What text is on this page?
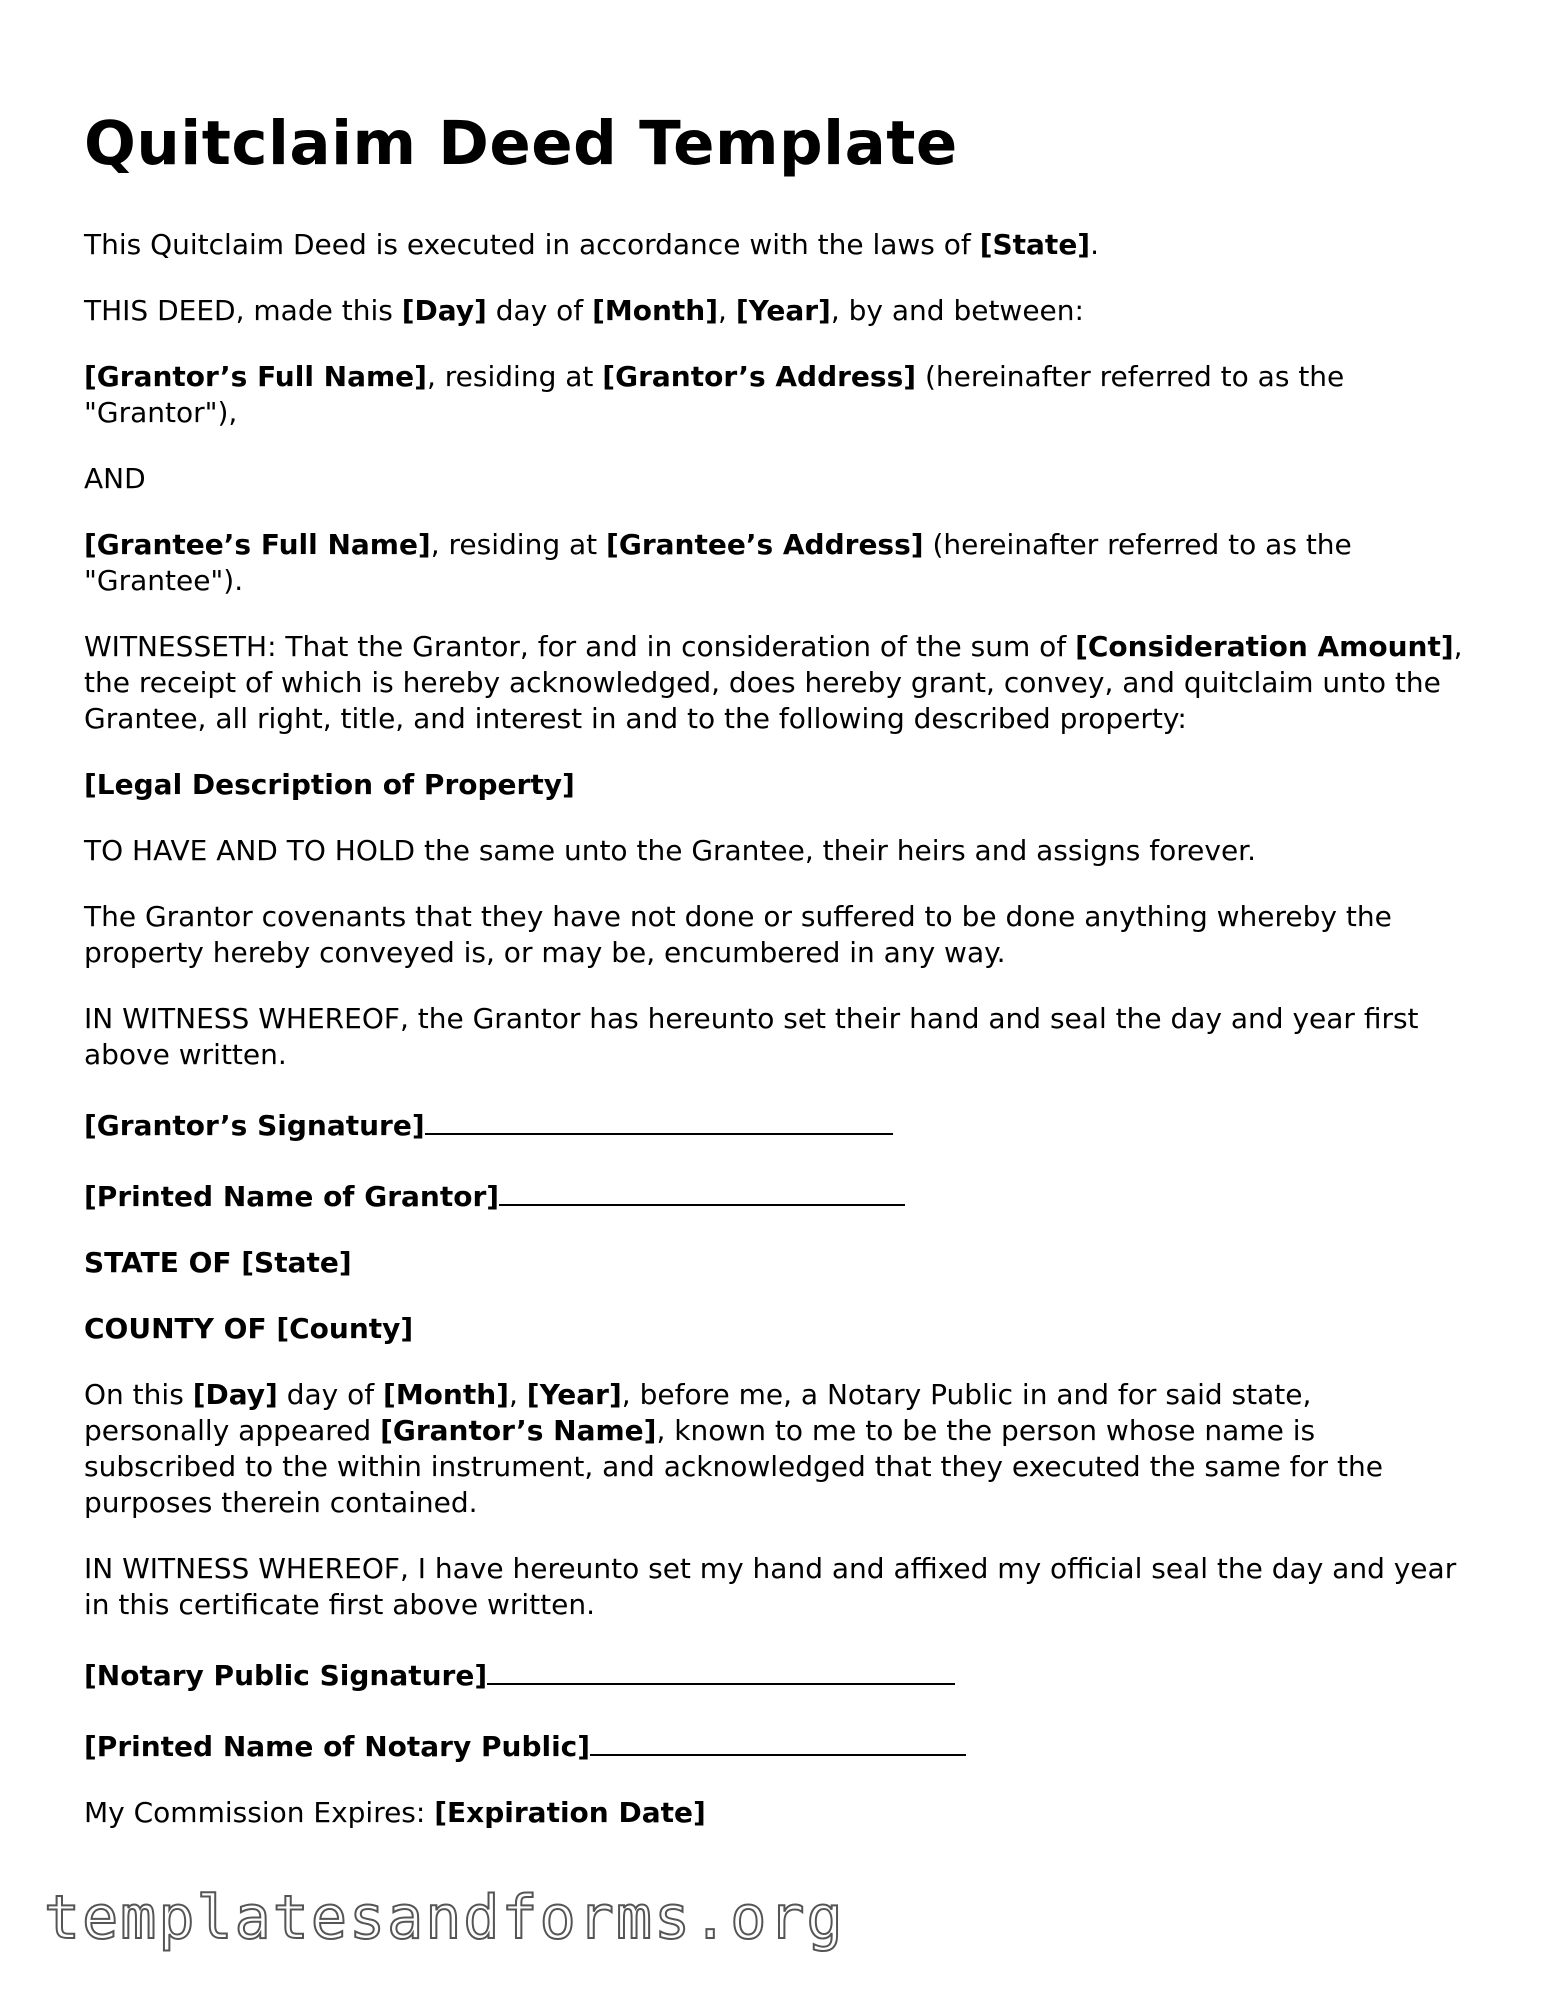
Quitclaim Deed Template

This Quitclaim Deed is executed in accordance with the laws of [State].

THIS DEED, made this [Day] day of [Month], [Year], by and between:

[Grantor’s Full Name], residing at [Grantor’s Address] (hereinafter referred to as the "Grantor"),

AND

[Grantee’s Full Name], residing at [Grantee’s Address] (hereinafter referred to as the "Grantee").

WITNESSETH: That the Grantor, for and in consideration of the sum of [Consideration Amount], the receipt of which is hereby acknowledged, does hereby grant, convey, and quitclaim unto the Grantee, all right, title, and interest in and to the following described property:

[Legal Description of Property]

TO HAVE AND TO HOLD the same unto the Grantee, their heirs and assigns forever.

The Grantor covenants that they have not done or suffered to be done anything whereby the property hereby conveyed is, or may be, encumbered in any way.

IN WITNESS WHEREOF, the Grantor has hereunto set their hand and seal the day and year first above written.

[Grantor’s Signature]

[Printed Name of Grantor]

STATE OF [State]

COUNTY OF [County]

On this [Day] day of [Month], [Year], before me, a Notary Public in and for said state, personally appeared [Grantor’s Name], known to me to be the person whose name is subscribed to the within instrument, and acknowledged that they executed the same for the purposes therein contained.

IN WITNESS WHEREOF, I have hereunto set my hand and affixed my official seal the day and year in this certificate first above written.

[Notary Public Signature]

[Printed Name of Notary Public]

My Commission Expires: [Expiration Date]

templatesandforms.org
